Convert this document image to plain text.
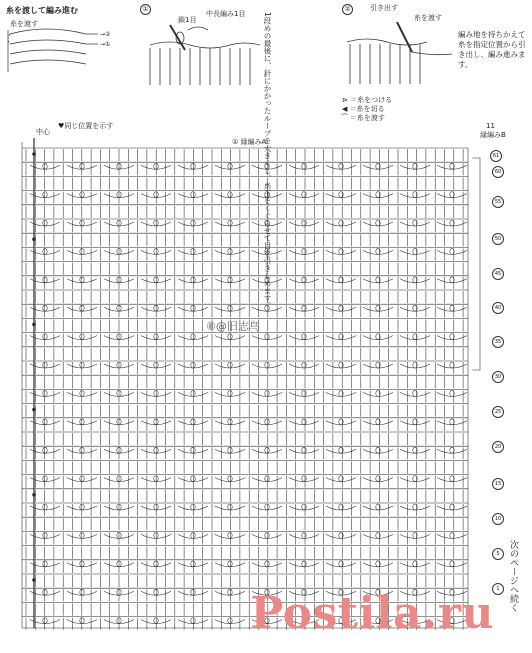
糸を渡して編み進む
糸を渡す
→②
→①
①
鎖1目
中長編み1目 1段めの最後に、針にかかったループを大きくし、糸玉をくぐらせて目を引きしめます。
②	引き出す
糸を渡す
編み地を持ちかえて糸を指定位置から引き出し、編み進みます。
⊳ ＝糸をつける
◀ ＝糸を切る
⁀ ＝糸を渡す
中心
♥同じ位置を示す
① 縁編みA
11
縁編みB
61
60
55
50
45
40
35
30
25
20
15
10
5
1 次のページへ続く
⑧@旧志鸟
Postila.ru
